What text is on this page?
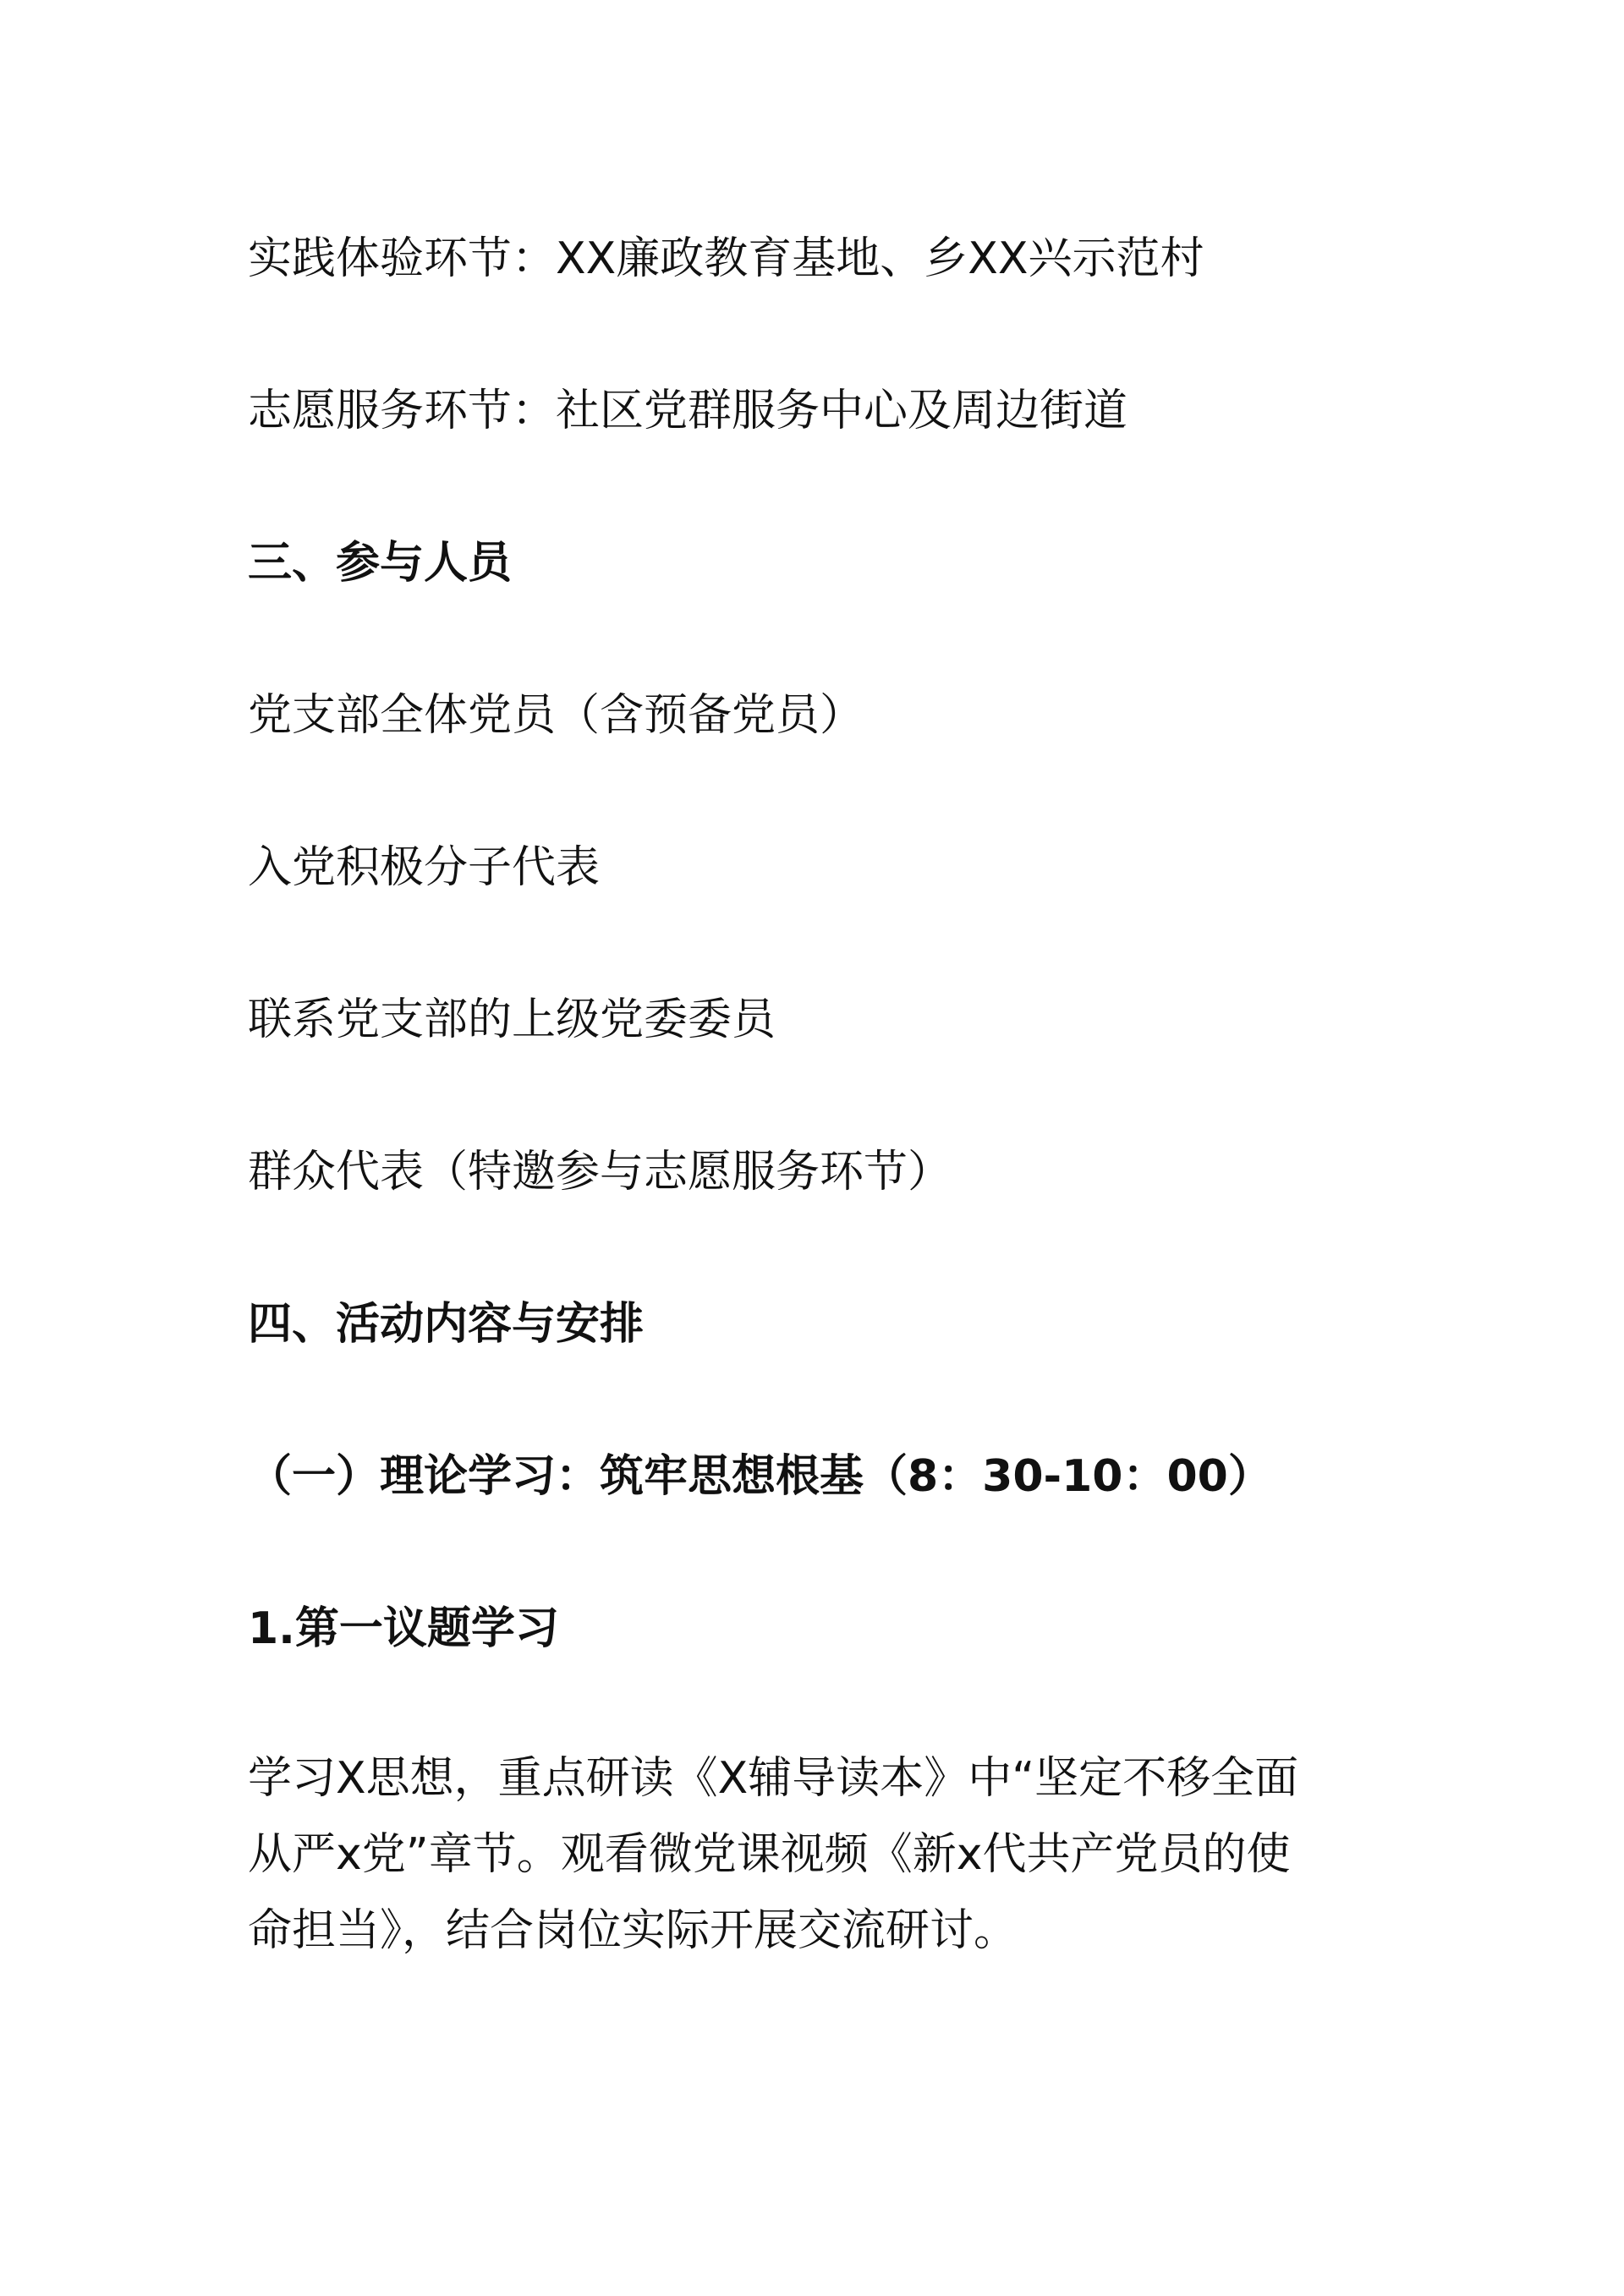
实践体验环节：XX廉政教育基地、乡XX兴示范村

志愿服务环节：社区党群服务中心及周边街道

三、参与人员

党支部全体党员（含预备党员）

入党积极分子代表

联系党支部的上级党委委员

群众代表（特邀参与志愿服务环节）

四、活动内容与安排
（一）理论学习：筑牢思想根基（8：30-10：00）
1.第一议题学习
学习X思想，重点研读《X辅导读本》中“坚定不移全面
从严x党”章节。观看微党课视频《新x代共产党员的使
命担当》，结合岗位实际开展交流研讨。
